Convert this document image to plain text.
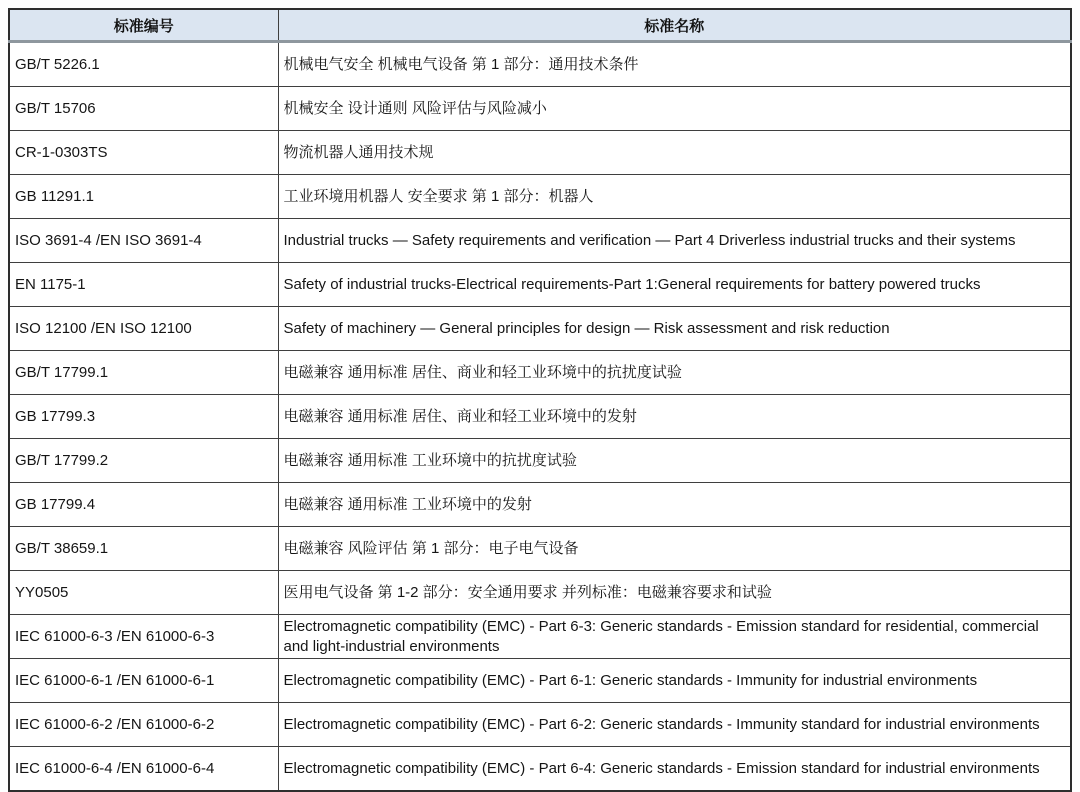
标准编号	标准名称
GB/T 5226.1	机械电气安全 机械电气设备 第 1 部分：通用技术条件
GB/T 15706	机械安全 设计通则 风险评估与风险减小
CR-1-0303TS	物流机器人通用技术规
GB 11291.1	工业环境用机器人 安全要求 第 1 部分：机器人
ISO 3691-4 /EN ISO 3691-4	Industrial trucks — Safety requirements and verification — Part 4 Driverless industrial trucks and their systems
EN 1175-1	Safety of industrial trucks-Electrical requirements-Part 1:General requirements for battery powered trucks
ISO 12100 /EN ISO 12100	Safety of machinery — General principles for design — Risk assessment and risk reduction
GB/T 17799.1	电磁兼容 通用标准 居住、商业和轻工业环境中的抗扰度试验
GB 17799.3	电磁兼容 通用标准 居住、商业和轻工业环境中的发射
GB/T 17799.2	电磁兼容 通用标准 工业环境中的抗扰度试验
GB 17799.4	电磁兼容 通用标准 工业环境中的发射
GB/T 38659.1	电磁兼容 风险评估 第 1 部分：电子电气设备
YY0505	医用电气设备 第 1-2 部分：安全通用要求 并列标准：电磁兼容要求和试验
IEC 61000-6-3 /EN 61000-6-3	Electromagnetic compatibility (EMC) - Part 6-3: Generic standards - Emission standard for residential, commercial and light-industrial environments
IEC 61000-6-1 /EN 61000-6-1	Electromagnetic compatibility (EMC) - Part 6-1: Generic standards - Immunity for industrial environments
IEC 61000-6-2 /EN 61000-6-2	Electromagnetic compatibility (EMC) - Part 6-2: Generic standards - Immunity standard for industrial environments
IEC 61000-6-4 /EN 61000-6-4	Electromagnetic compatibility (EMC) - Part 6-4: Generic standards - Emission standard for industrial environments
